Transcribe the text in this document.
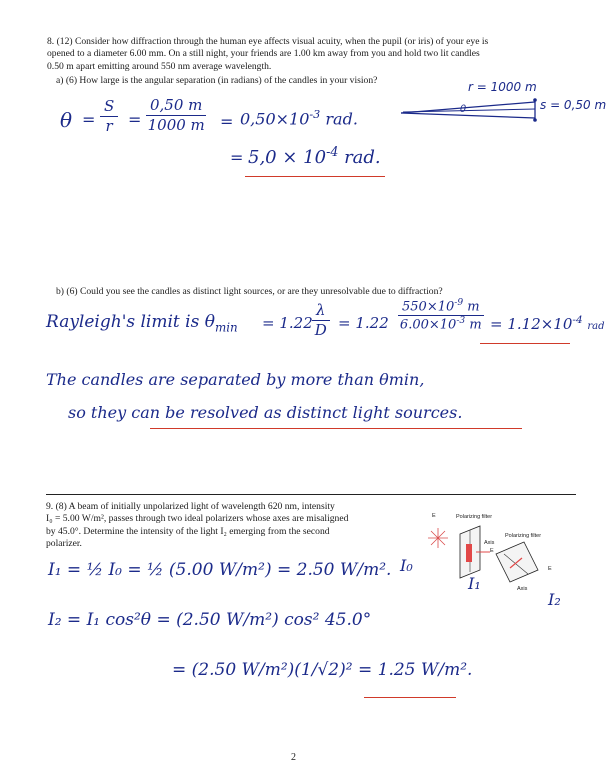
8. (12) Consider how diffraction through the human eye affects visual acuity, when the pupil (or iris) of your eye is
opened to a diameter 6.00 mm. On a still night, your friends are 1.00 km away from you and hold two lit candles
0.50 m apart emitting around 550 nm average wavelength.
a) (6) How large is the angular separation (in radians) of the candles in your vision?	r = 1000 m
s = 0,50 m
θ
$\theta = \frac{S}{r} = \frac{0,50 m}{1000 m} = 0,50\times 10^{-3}$ rad.
= $5,0 \times 10^{-4}$ rad.
b) (6) Could you see the candles as distinct light sources, or are they unresolvable due to diffraction?
Rayleigh's limit is $\theta_{min} = 1.22 \frac{\lambda}{D} = 1.22 \frac{550\times 10^{-9} m}{6.00\times 10^{-3} m} = 1.12\times 10^{-4}$ rad
The candles are separated by more than θmin,
so they can be resolved as distinct light sources.
9. (8) A beam of initially unpolarized light of wavelength 620 nm, intensity
I₀ = 5.00 W/m², passes through two ideal polarizers whose axes are misaligned
by 45.0°. Determine the intensity of the light I₂ emerging from the second
polarizer.
Polarizing filter
Polarizing filter
Axis
Axis
E
E
E
I₀
I₁
I₂
I₁ = ½ I₀ = ½ (5.00 W/m²) = 2.50 W/m².
I₂ = I₁ cos²θ = (2.50 W/m²) cos² 45.0°
= (2.50 W/m²)(1/√2)² = 1.25 W/m².
2
